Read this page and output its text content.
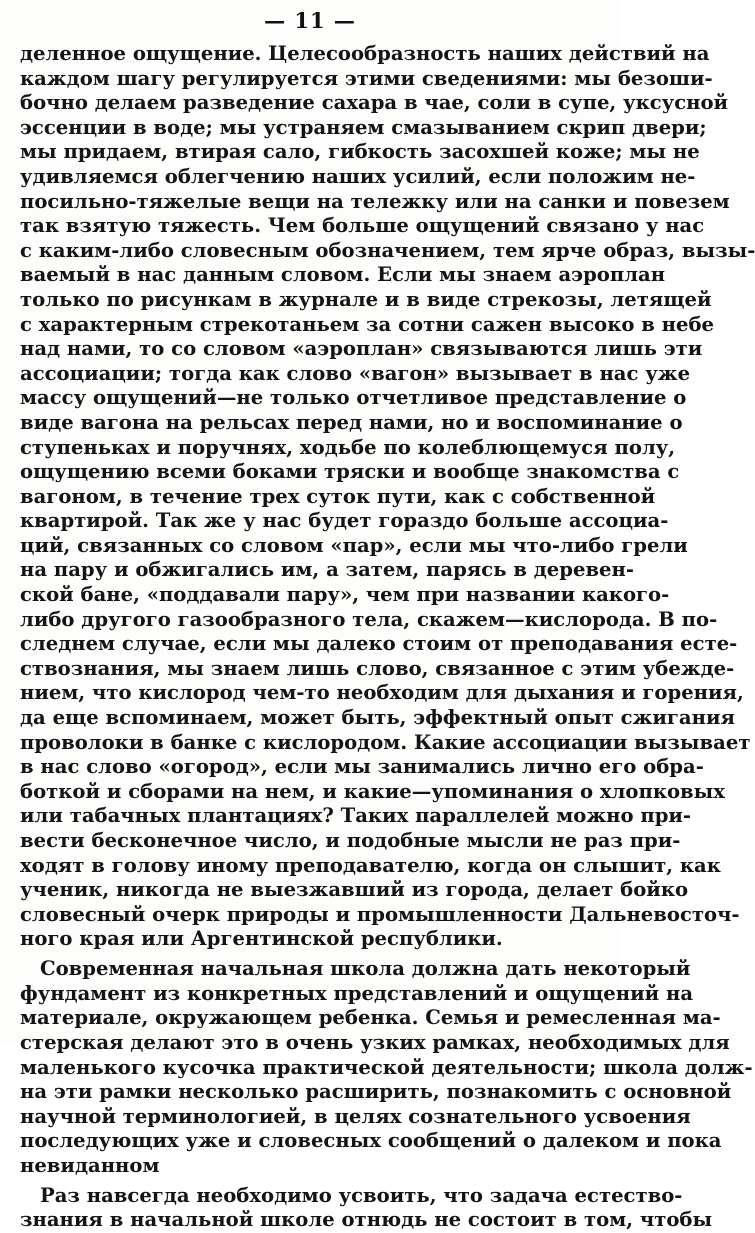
— 11 —
деленное ощущение. Целесообразность наших действий на
каждом шагу регулируется этими сведениями: мы безоши-
бочно делаем разведение сахара в чае, соли в супе, уксусной
эссенции в воде; мы устраняем смазыванием скрип двери;
мы придаем, втирая сало, гибкость засохшей коже; мы не
удивляемся облегчению наших усилий, если положим не-
посильно-тяжелые вещи на тележку или на санки и повезем
так взятую тяжесть. Чем больше ощущений связано у нас
с каким-либо словесным обозначением, тем ярче образ, вызы-
ваемый в нас данным словом. Если мы знаем аэроплан
только по рисункам в журнале и в виде стрекозы, летящей
с характерным стрекотаньем за сотни сажен высоко в небе
над нами, то со словом «аэроплан» связываются лишь эти
ассоциации; тогда как слово «вагон» вызывает в нас уже
массу ощущений—не только отчетливое представление о
виде вагона на рельсах перед нами, но и воспоминание о
ступеньках и поручнях, ходьбе по колеблющемуся полу,
ощущению всеми боками тряски и вообще знакомства с
вагоном, в течение трех суток пути, как с собственной
квартирой. Так же у нас будет гораздо больше ассоциа-
ций, связанных со словом «пар», если мы что-либо грели
на пару и обжигались им, а затем, парясь в деревен-
ской бане, «поддавали пару», чем при названии какого-
либо другого газообразного тела, скажем—кислорода. В по-
следнем случае, если мы далеко стоим от преподавания есте-
ствознания, мы знаем лишь слово, связанное с этим убежде-
нием, что кислород чем-то необходим для дыхания и горения,
да еще вспоминаем, может быть, эффектный опыт сжигания
проволоки в банке с кислородом. Какие ассоциации вызывает
в нас слово «огород», если мы занимались лично его обра-
боткой и сборами на нем, и какие—упоминания о хлопковых
или табачных плантациях? Таких параллелей можно при-
вести бесконечное число, и подобные мысли не раз при-
ходят в голову иному преподавателю, когда он слышит, как
ученик, никогда не выезжавший из города, делает бойко
словесный очерк природы и промышленности Дальневосточ-
ного края или Аргентинской республики.
Современная начальная школа должна дать некоторый
фундамент из конкретных представлений и ощущений на
материале, окружающем ребенка. Семья и ремесленная ма-
стерская делают это в очень узких рамках, необходимых для
маленького кусочка практической деятельности; школа долж-
на эти рамки несколько расширить, познакомить с основной
научной терминологией, в целях сознательного усвоения
последующих уже и словесных сообщений о далеком и пока
невиданном
Раз навсегда необходимо усвоить, что задача естество-
знания в начальной школе отнюдь не состоит в том, чтобы
